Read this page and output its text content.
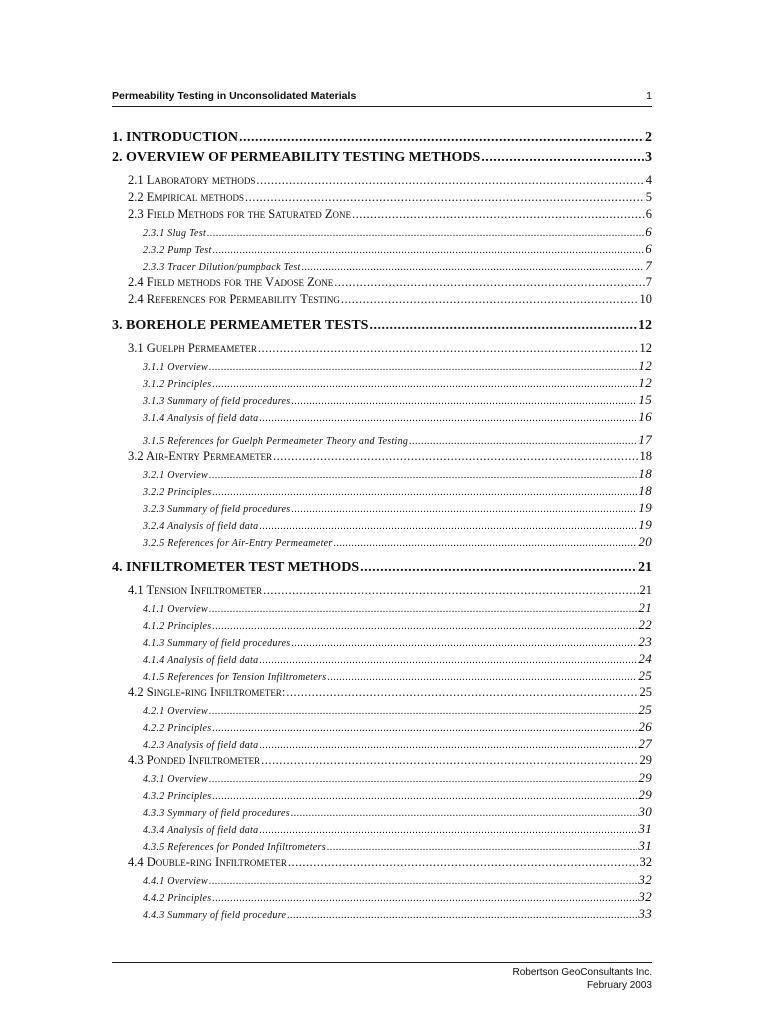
Permeability Testing in Unconsolidated Materials	1
1. INTRODUCTION .....	2
2. OVERVIEW OF PERMEABILITY TESTING METHODS .....	3
2.1 Laboratory methods .....	4
2.2 Empirical methods .....	5
2.3 Field Methods for the Saturated Zone .....	6
2.3.1 Slug Test .....	6
2.3.2 Pump Test .....	6
2.3.3 Tracer Dilution/pumpback Test .....	7
2.4 Field methods for the Vadose Zone .....	7
2.4 References for Permeability Testing .....	10
3. BOREHOLE PERMEAMETER TESTS .....	12
3.1 Guelph Permeameter .....	12
3.1.1 Overview .....	12
3.1.2 Principles .....	12
3.1.3 Summary of field procedures .....	15
3.1.4 Analysis of field data .....	16
3.1.5 References for Guelph Permeameter Theory and Testing .....	17
3.2 Air-Entry Permeameter .....	18
3.2.1 Overview .....	18
3.2.2 Principles .....	18
3.2.3 Summary of field procedures .....	19
3.2.4 Analysis of field data .....	19
3.2.5 References for Air-Entry Permeameter .....	20
4. INFILTROMETER TEST METHODS .....	21
4.1 Tension Infiltrometer .....	21
4.1.1 Overview .....	21
4.1.2 Principles .....	22
4.1.3 Summary of field procedures .....	23
4.1.4 Analysis of field data .....	24
4.1.5 References for Tension Infiltrometers .....	25
4.2 Single-ring Infiltrometer: .....	25
4.2.1 Overview .....	25
4.2.2 Principles .....	26
4.2.3 Analysis of field data .....	27
4.3 Ponded Infiltrometer .....	29
4.3.1 Overview .....	29
4.3.2 Principles .....	29
4.3.3 Symmary of field procedures .....	30
4.3.4 Analysis of field data .....	31
4.3.5 References for Ponded Infiltrometers .....	31
4.4 Double-ring Infiltrometer .....	32
4.4.1 Overview .....	32
4.4.2 Principles .....	32
4.4.3 Summary of field procedure .....	33
Robertson GeoConsultants Inc.
February 2003
